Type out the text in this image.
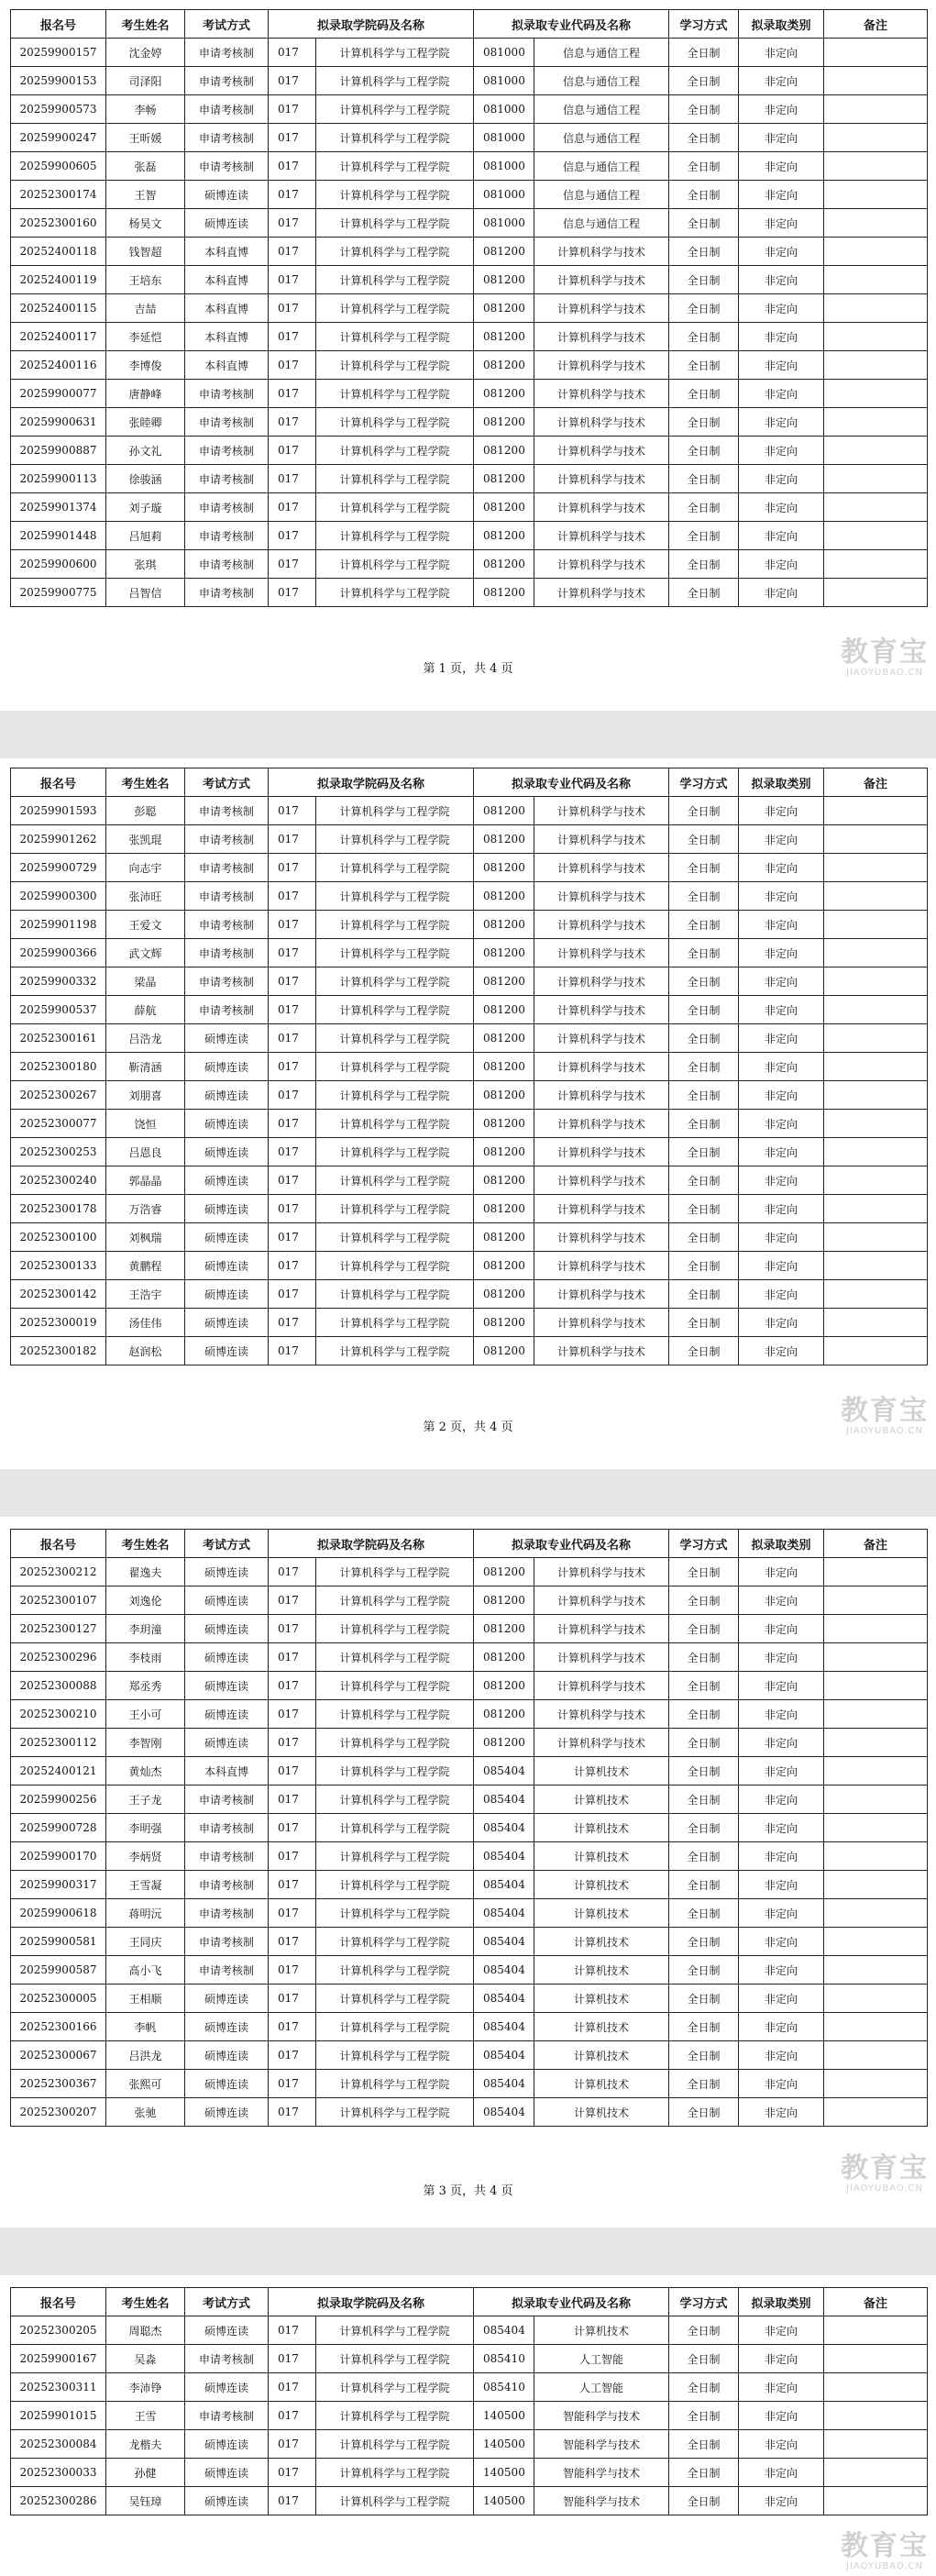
报名号	考生姓名	考试方式	拟录取学院码及名称		拟录取专业代码及名称		学习方式	拟录取类别	备注
20259900157	沈金婷	申请考核制	017	计算机科学与工程学院	081000	信息与通信工程	全日制	非定向	
20259900153	司泽阳	申请考核制	017	计算机科学与工程学院	081000	信息与通信工程	全日制	非定向	
20259900573	李畅	申请考核制	017	计算机科学与工程学院	081000	信息与通信工程	全日制	非定向	
20259900247	王昕媛	申请考核制	017	计算机科学与工程学院	081000	信息与通信工程	全日制	非定向	
20259900605	张磊	申请考核制	017	计算机科学与工程学院	081000	信息与通信工程	全日制	非定向	
20252300174	王智	硕博连读	017	计算机科学与工程学院	081000	信息与通信工程	全日制	非定向	
20252300160	杨昊文	硕博连读	017	计算机科学与工程学院	081000	信息与通信工程	全日制	非定向	
20252400118	钱智超	本科直博	017	计算机科学与工程学院	081200	计算机科学与技术	全日制	非定向	
20252400119	王培东	本科直博	017	计算机科学与工程学院	081200	计算机科学与技术	全日制	非定向	
20252400115	吉喆	本科直博	017	计算机科学与工程学院	081200	计算机科学与技术	全日制	非定向	
20252400117	李延恺	本科直博	017	计算机科学与工程学院	081200	计算机科学与技术	全日制	非定向	
20252400116	李博俊	本科直博	017	计算机科学与工程学院	081200	计算机科学与技术	全日制	非定向	
20259900077	唐静峰	申请考核制	017	计算机科学与工程学院	081200	计算机科学与技术	全日制	非定向	
20259900631	张睦卿	申请考核制	017	计算机科学与工程学院	081200	计算机科学与技术	全日制	非定向	
20259900887	孙文礼	申请考核制	017	计算机科学与工程学院	081200	计算机科学与技术	全日制	非定向	
20259900113	徐骏涵	申请考核制	017	计算机科学与工程学院	081200	计算机科学与技术	全日制	非定向	
20259901374	刘子璇	申请考核制	017	计算机科学与工程学院	081200	计算机科学与技术	全日制	非定向	
20259901448	吕旭莉	申请考核制	017	计算机科学与工程学院	081200	计算机科学与技术	全日制	非定向	
20259900600	张琪	申请考核制	017	计算机科学与工程学院	081200	计算机科学与技术	全日制	非定向	
20259900775	吕智信	申请考核制	017	计算机科学与工程学院	081200	计算机科学与技术	全日制	非定向	
第 1 页，共 4 页
教育宝
JIAOYUBAO.CN
报名号	考生姓名	考试方式	拟录取学院码及名称		拟录取专业代码及名称		学习方式	拟录取类别	备注
20259901593	彭聪	申请考核制	017	计算机科学与工程学院	081200	计算机科学与技术	全日制	非定向	
20259901262	张凯琨	申请考核制	017	计算机科学与工程学院	081200	计算机科学与技术	全日制	非定向	
20259900729	向志宇	申请考核制	017	计算机科学与工程学院	081200	计算机科学与技术	全日制	非定向	
20259900300	张沛旺	申请考核制	017	计算机科学与工程学院	081200	计算机科学与技术	全日制	非定向	
20259901198	王爱文	申请考核制	017	计算机科学与工程学院	081200	计算机科学与技术	全日制	非定向	
20259900366	武文辉	申请考核制	017	计算机科学与工程学院	081200	计算机科学与技术	全日制	非定向	
20259900332	梁晶	申请考核制	017	计算机科学与工程学院	081200	计算机科学与技术	全日制	非定向	
20259900537	薛航	申请考核制	017	计算机科学与工程学院	081200	计算机科学与技术	全日制	非定向	
20252300161	吕浩龙	硕博连读	017	计算机科学与工程学院	081200	计算机科学与技术	全日制	非定向	
20252300180	靳清涵	硕博连读	017	计算机科学与工程学院	081200	计算机科学与技术	全日制	非定向	
20252300267	刘朋喜	硕博连读	017	计算机科学与工程学院	081200	计算机科学与技术	全日制	非定向	
20252300077	饶恒	硕博连读	017	计算机科学与工程学院	081200	计算机科学与技术	全日制	非定向	
20252300253	吕恩良	硕博连读	017	计算机科学与工程学院	081200	计算机科学与技术	全日制	非定向	
20252300240	郭晶晶	硕博连读	017	计算机科学与工程学院	081200	计算机科学与技术	全日制	非定向	
20252300178	万浩睿	硕博连读	017	计算机科学与工程学院	081200	计算机科学与技术	全日制	非定向	
20252300100	刘枫瑞	硕博连读	017	计算机科学与工程学院	081200	计算机科学与技术	全日制	非定向	
20252300133	黄鹏程	硕博连读	017	计算机科学与工程学院	081200	计算机科学与技术	全日制	非定向	
20252300142	王浩宇	硕博连读	017	计算机科学与工程学院	081200	计算机科学与技术	全日制	非定向	
20252300019	汤佳伟	硕博连读	017	计算机科学与工程学院	081200	计算机科学与技术	全日制	非定向	
20252300182	赵润松	硕博连读	017	计算机科学与工程学院	081200	计算机科学与技术	全日制	非定向	
第 2 页，共 4 页
教育宝
JIAOYUBAO.CN
报名号	考生姓名	考试方式	拟录取学院码及名称		拟录取专业代码及名称		学习方式	拟录取类别	备注
20252300212	翟逸夫	硕博连读	017	计算机科学与工程学院	081200	计算机科学与技术	全日制	非定向	
20252300107	刘逸伦	硕博连读	017	计算机科学与工程学院	081200	计算机科学与技术	全日制	非定向	
20252300127	李玥潼	硕博连读	017	计算机科学与工程学院	081200	计算机科学与技术	全日制	非定向	
20252300296	李枝雨	硕博连读	017	计算机科学与工程学院	081200	计算机科学与技术	全日制	非定向	
20252300088	郑丞秀	硕博连读	017	计算机科学与工程学院	081200	计算机科学与技术	全日制	非定向	
20252300210	王小可	硕博连读	017	计算机科学与工程学院	081200	计算机科学与技术	全日制	非定向	
20252300112	李智刚	硕博连读	017	计算机科学与工程学院	081200	计算机科学与技术	全日制	非定向	
20252400121	黄灿杰	本科直博	017	计算机科学与工程学院	085404	计算机技术	全日制	非定向	
20259900256	王子龙	申请考核制	017	计算机科学与工程学院	085404	计算机技术	全日制	非定向	
20259900728	李明强	申请考核制	017	计算机科学与工程学院	085404	计算机技术	全日制	非定向	
20259900170	李炳贤	申请考核制	017	计算机科学与工程学院	085404	计算机技术	全日制	非定向	
20259900317	王雪凝	申请考核制	017	计算机科学与工程学院	085404	计算机技术	全日制	非定向	
20259900618	蒋明沅	申请考核制	017	计算机科学与工程学院	085404	计算机技术	全日制	非定向	
20259900581	王同庆	申请考核制	017	计算机科学与工程学院	085404	计算机技术	全日制	非定向	
20259900587	高小飞	申请考核制	017	计算机科学与工程学院	085404	计算机技术	全日制	非定向	
20252300005	王相顺	硕博连读	017	计算机科学与工程学院	085404	计算机技术	全日制	非定向	
20252300166	李帆	硕博连读	017	计算机科学与工程学院	085404	计算机技术	全日制	非定向	
20252300067	吕洪龙	硕博连读	017	计算机科学与工程学院	085404	计算机技术	全日制	非定向	
20252300367	张熙可	硕博连读	017	计算机科学与工程学院	085404	计算机技术	全日制	非定向	
20252300207	张驰	硕博连读	017	计算机科学与工程学院	085404	计算机技术	全日制	非定向	
第 3 页，共 4 页
教育宝
JIAOYUBAO.CN
报名号	考生姓名	考试方式	拟录取学院码及名称		拟录取专业代码及名称		学习方式	拟录取类别	备注
20252300205	周聪杰	硕博连读	017	计算机科学与工程学院	085404	计算机技术	全日制	非定向	
20259900167	吴淼	申请考核制	017	计算机科学与工程学院	085410	人工智能	全日制	非定向	
20252300311	李沛铮	硕博连读	017	计算机科学与工程学院	085410	人工智能	全日制	非定向	
20259901015	王雪	申请考核制	017	计算机科学与工程学院	140500	智能科学与技术	全日制	非定向	
20252300084	龙楷夫	硕博连读	017	计算机科学与工程学院	140500	智能科学与技术	全日制	非定向	
20252300033	孙健	硕博连读	017	计算机科学与工程学院	140500	智能科学与技术	全日制	非定向	
20252300286	吴钰璋	硕博连读	017	计算机科学与工程学院	140500	智能科学与技术	全日制	非定向	
教育宝
JIAOYUBAO.CN
